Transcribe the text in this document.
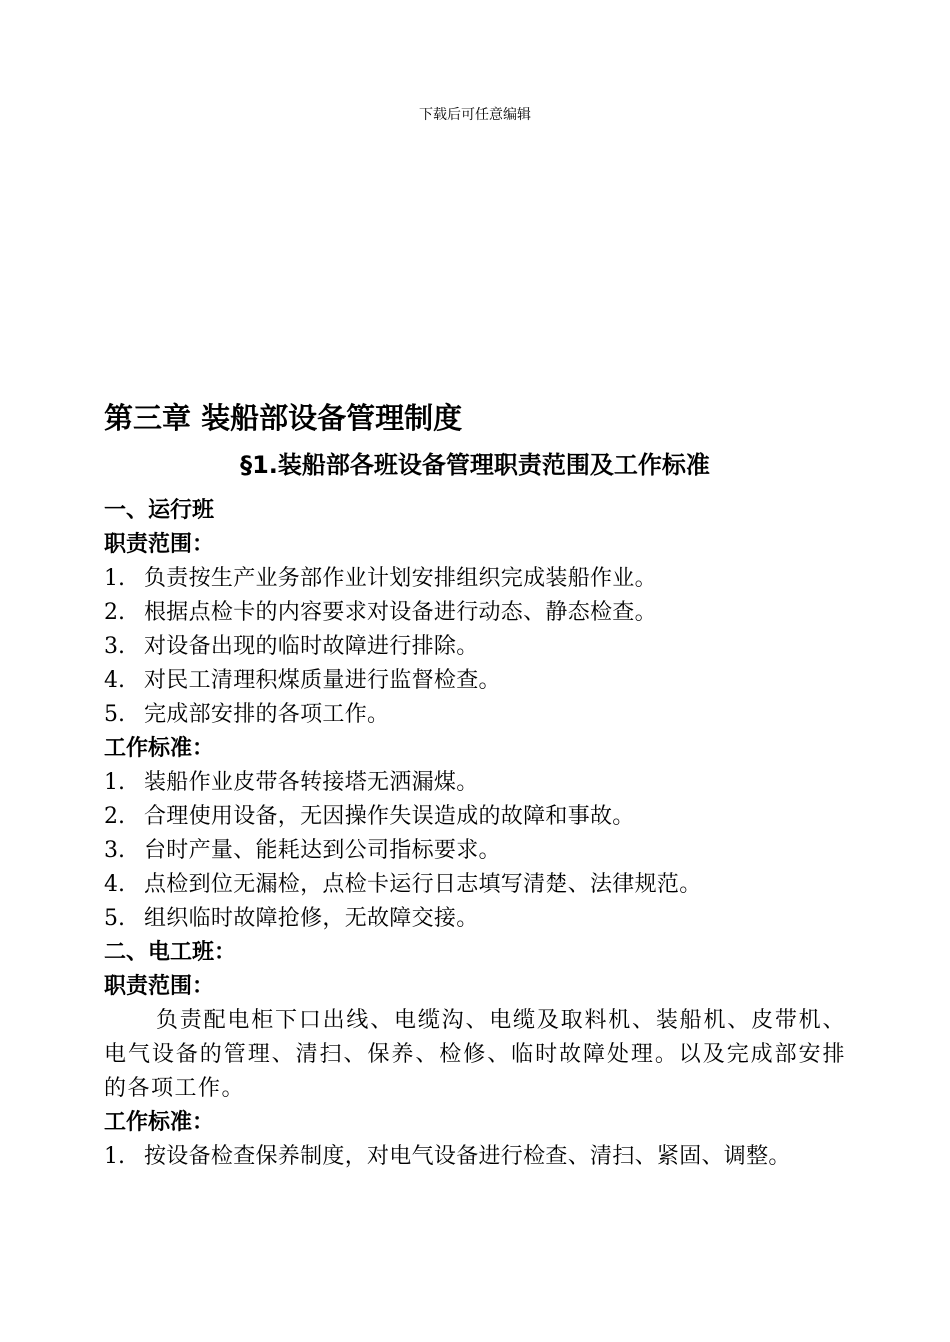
下载后可任意编辑
第三章 装船部设备管理制度
§1.装船部各班设备管理职责范围及工作标准
一、运行班
职责范围：
1. 负责按生产业务部作业计划安排组织完成装船作业。
2. 根据点检卡的内容要求对设备进行动态、静态检查。
3. 对设备出现的临时故障进行排除。
4. 对民工清理积煤质量进行监督检查。
5. 完成部安排的各项工作。
工作标准：
1. 装船作业皮带各转接塔无洒漏煤。
2. 合理使用设备，无因操作失误造成的故障和事故。
3. 台时产量、能耗达到公司指标要求。
4. 点检到位无漏检，点检卡运行日志填写清楚、法律规范。
5. 组织临时故障抢修，无故障交接。
二、电工班：
职责范围：

负责配电柜下口出线、电缆沟、电缆及取料机、装船机、皮带机、电气设备的管理、清扫、保养、检修、临时故障处理。以及完成部安排的各项工作。

工作标准：
1. 按设备检查保养制度，对电气设备进行检查、清扫、紧固、调整。
